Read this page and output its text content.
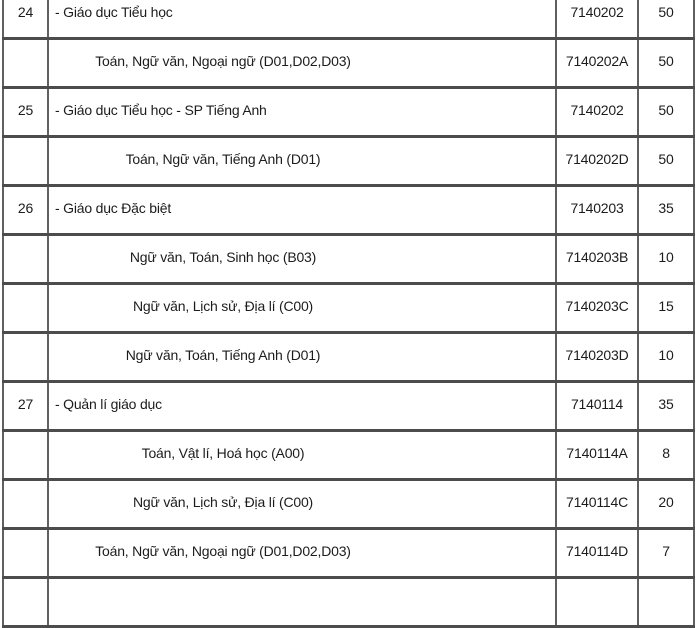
24	- Giáo dục Tiểu học	7140202	50
	Toán, Ngữ văn, Ngoại ngữ (D01,D02,D03)	7140202A	50
25	- Giáo dục Tiểu học - SP Tiếng Anh	7140202	50
	Toán, Ngữ văn, Tiếng Anh (D01)	7140202D	50
26	- Giáo dục Đặc biệt	7140203	35
	Ngữ văn, Toán, Sinh học (B03)	7140203B	10
	Ngữ văn, Lịch sử, Địa lí (C00)	7140203C	15
	Ngữ văn, Toán, Tiếng Anh (D01)	7140203D	10
27	- Quản lí giáo dục	7140114	35
	Toán, Vật lí, Hoá học (A00)	7140114A	8
	Ngữ văn, Lịch sử, Địa lí (C00)	7140114C	20
	Toán, Ngữ văn, Ngoại ngữ (D01,D02,D03)	7140114D	7
